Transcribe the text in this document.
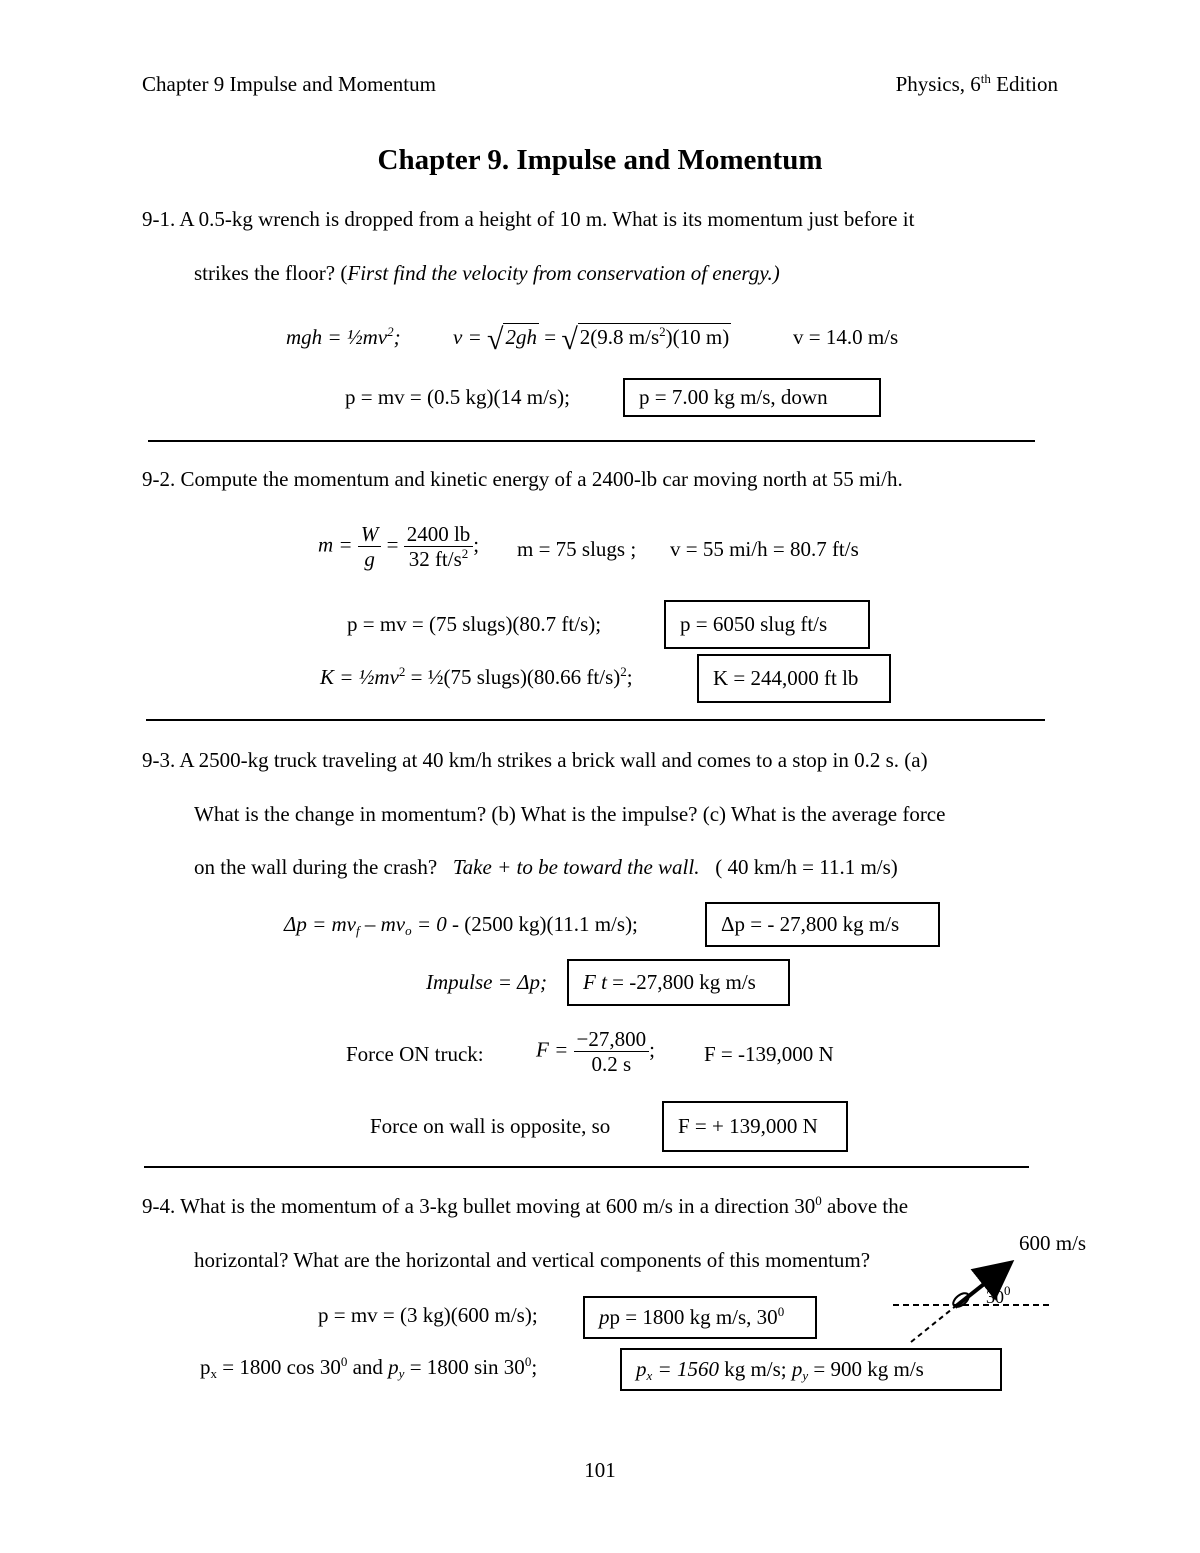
Chapter 9 Impulse and Momentum	Physics, 6th Edition
Chapter 9. Impulse and Momentum
9-1. A 0.5-kg wrench is dropped from a height of 10 m. What is its momentum just before it
strikes the floor? (First find the velocity from conservation of energy.)
mgh = $\frac{1}{2}mv^2$; v = √2gh = √2(9.8 $m/s^2)(10$ m)	v = 14.0 m/s
p = mv = (0.5 kg)(14 m/s);	p = 7.00 kg m/s, down
9-2. Compute the momentum and kinetic energy of a 2400-lb car moving north at 55 mi/h.
$m = \frac{W}{g} = \frac{2400 lb}{32 ft/s^2}$ ; m = 75 slugs ; v = 55 mi/h = 80.7 ft/s
p = mv = (75 slugs)(80.7 ft/s);	p = 6050 slug ft/s
$K = \frac{1}{2}mv^2$ = ½(75 slugs)(80.66 ft/s)$^2$;	K = 244,000 ft lb
9-3. A 2500-kg truck traveling at 40 km/h strikes a brick wall and comes to a stop in 0.2 s. (a)
What is the change in momentum? (b) What is the impulse? (c) What is the average force
on the wall during the crash? Take + to be toward the wall. ( 40 km/h = 11.1 m/s)
$\Delta p = mv_f - mv_o = 0 - (2500$ kg)(11.1 m/s);	Δp = - 27,800 kg m/s
Impulse = Δp;	F t = -27,800 kg m/s
Force ON truck: $F = \frac{-27,800}{0.2 s}$ ; F = -139,000 N
Force on wall is opposite, so	F = + 139,000 N
9-4. What is the momentum of a 3-kg bullet moving at 600 m/s in a direction $30^0$ above the
horizontal? What are the horizontal and vertical components of this momentum?
p = mv = (3 kg)(600 m/s);	pp = 1800 kg m/s, $30^0$
$p_x = 1800$ $\cos 30^0$ and $p_y = 1800$ $\sin 30^0$;	$p_x = 1560$ kg m/s; $p_y = 900$ kg m/s
600 m/s
$30^0$
101
